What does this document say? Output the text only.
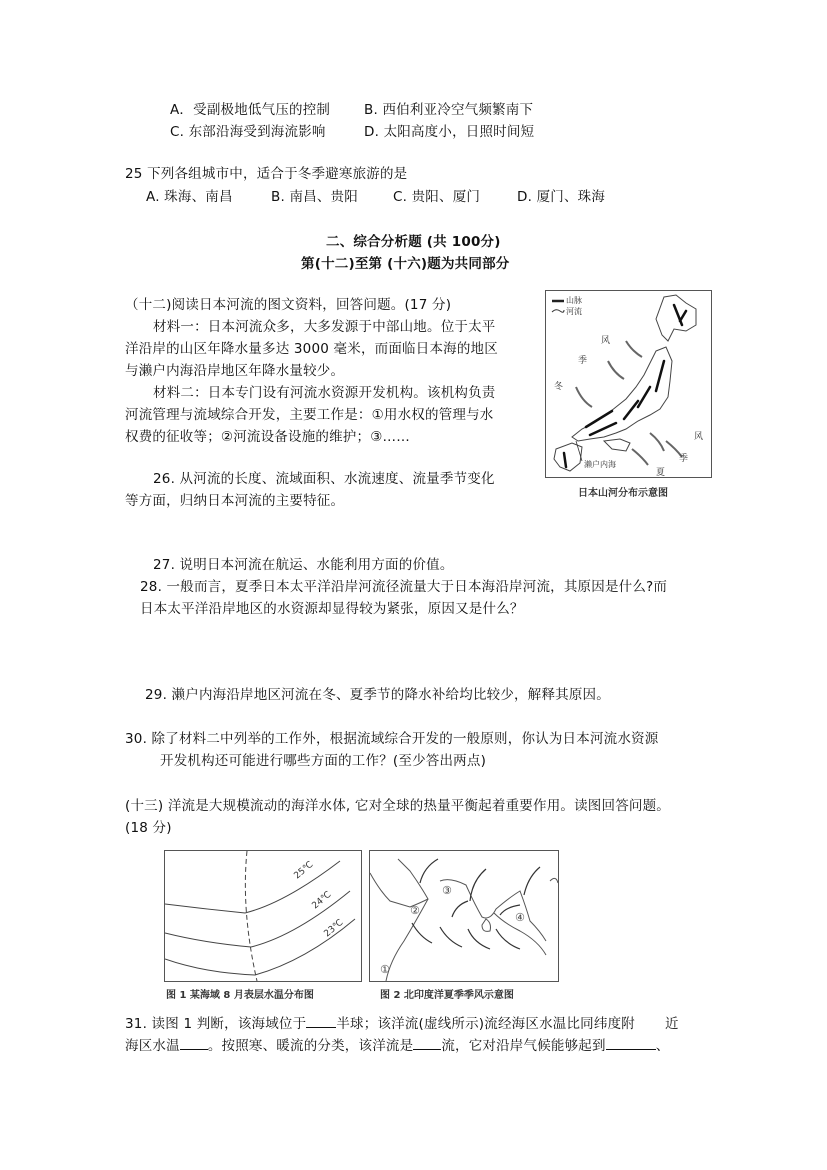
A．受副极地低气压的控制	B. 西伯利亚冷空气频繁南下
C. 东部沿海受到海流影响	D. 太阳高度小，日照时间短
25 下列各组城市中，适合于冬季避寒旅游的是
A. 珠海、南昌	B. 南昌、贵阳	C. 贵阳、厦门	D. 厦门、珠海
二、综合分析题 (共 100分)
第(十二)至第 (十六)题为共同部分
（十二)阅读日本河流的图文资料，回答问题。(17 分)
材料一：日本河流众多，大多发源于中部山地。位于太平
洋沿岸的山区年降水量多达 3000 毫米，而面临日本海的地区
与濑户内海沿岸地区年降水量较少。
材料二：日本专门设有河流水资源开发机构。该机构负责
河流管理与流域综合开发，主要工作是：①用水权的管理与水
权费的征收等；②河流设备设施的维护；③……
26. 从河流的长度、流域面积、水流速度、流量季节变化
等方面，归纳日本河流的主要特征。
山脉
河流
风
季
冬
风
季
夏
濑户内海
日本山河分布示意图
27. 说明日本河流在航运、水能利用方面的价值。
28. 一般而言，夏季日本太平洋沿岸河流径流量大于日本海沿岸河流，其原因是什么?而
日本太平洋沿岸地区的水资源却显得较为紧张，原因又是什么？
29. 濑户内海沿岸地区河流在冬、夏季节的降水补给均比较少，解释其原因。
30. 除了材料二中列举的工作外，根据流域综合开发的一般原则，你认为日本河流水资源
开发机构还可能进行哪些方面的工作？(至少答出两点)
(十三) 洋流是大规模流动的海洋水体, 它对全球的热量平衡起着重要作用。读图回答问题。
(18 分)
25℃
24℃
23℃
图 1 某海域 8 月表层水温分布图
①
②
③
④
图 2 北印度洋夏季季风示意图
31. 读图 1 判断，该海域位于 半球；该洋流(虚线所示)流经海区水温比同纬度附 近
海区水温 。按照寒、暖流的分类，该洋流是 流，它对沿岸气候能够起到	、
